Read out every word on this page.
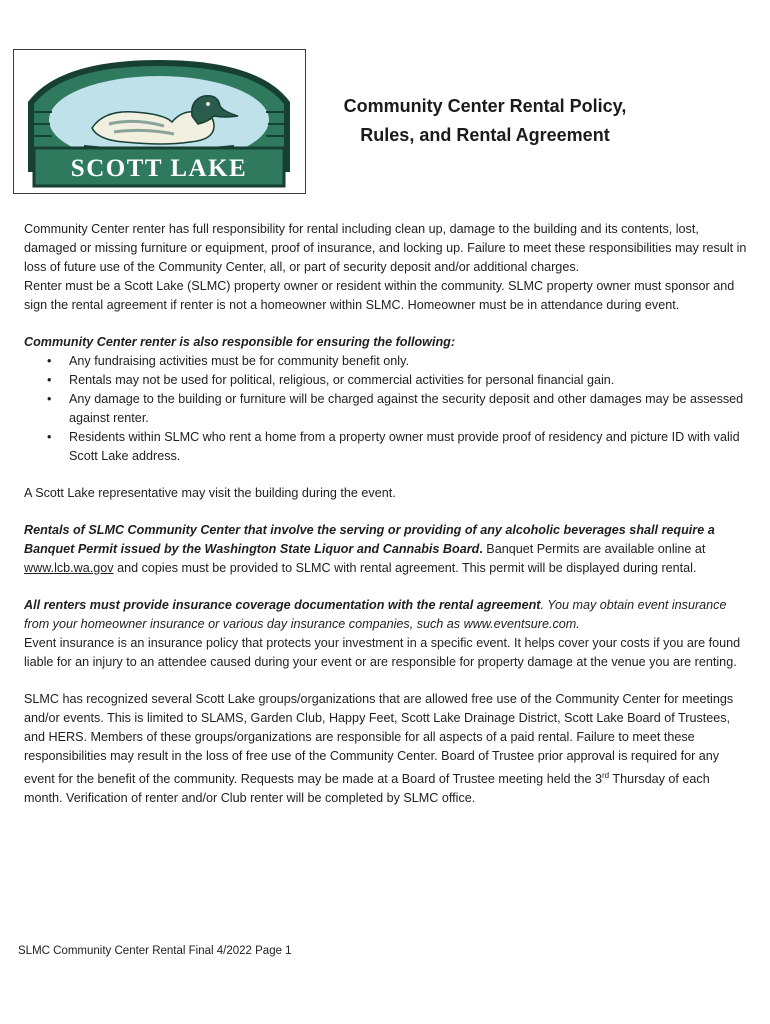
SCOTT LAKE
Community Center Rental Policy,
Rules, and Rental Agreement

Community Center renter has full responsibility for rental including clean up, damage to the building and its contents, lost, damaged or missing furniture or equipment, proof of insurance, and locking up. Failure to meet these responsibilities may result in loss of future use of the Community Center, all, or part of security deposit and/or additional charges.

Renter must be a Scott Lake (SLMC) property owner or resident within the community. SLMC property owner must sponsor and sign the rental agreement if renter is not a homeowner within SLMC. Homeowner must be in attendance during event.

Community Center renter is also responsible for ensuring the following:

• Any fundraising activities must be for community benefit only.
• Rentals may not be used for political, religious, or commercial activities for personal financial gain.
• Any damage to the building or furniture will be charged against the security deposit and other damages may be assessed against renter.
• Residents within SLMC who rent a home from a property owner must provide proof of residency and picture ID with valid Scott Lake address.

A Scott Lake representative may visit the building during the event.

Rentals of SLMC Community Center that involve the serving or providing of any alcoholic beverages shall require a Banquet Permit issued by the Washington State Liquor and Cannabis Board. Banquet Permits are available online at www.lcb.wa.gov and copies must be provided to SLMC with rental agreement. This permit will be displayed during rental.

All renters must provide insurance coverage documentation with the rental agreement. You may obtain event insurance from your homeowner insurance or various day insurance companies, such as www.eventsure.com.

Event insurance is an insurance policy that protects your investment in a specific event. It helps cover your costs if you are found liable for an injury to an attendee caused during your event or are responsible for property damage at the venue you are renting.

SLMC has recognized several Scott Lake groups/organizations that are allowed free use of the Community Center for meetings and/or events. This is limited to SLAMS, Garden Club, Happy Feet, Scott Lake Drainage District, Scott Lake Board of Trustees, and HERS. Members of these groups/organizations are responsible for all aspects of a paid rental. Failure to meet these responsibilities may result in the loss of free use of the Community Center. Board of Trustee prior approval is required for any event for the benefit of the community. Requests may be made at a Board of Trustee meeting held the 3rd Thursday of each month. Verification of renter and/or Club renter will be completed by SLMC office.

SLMC Community Center Rental Final 4/2022 Page 1
